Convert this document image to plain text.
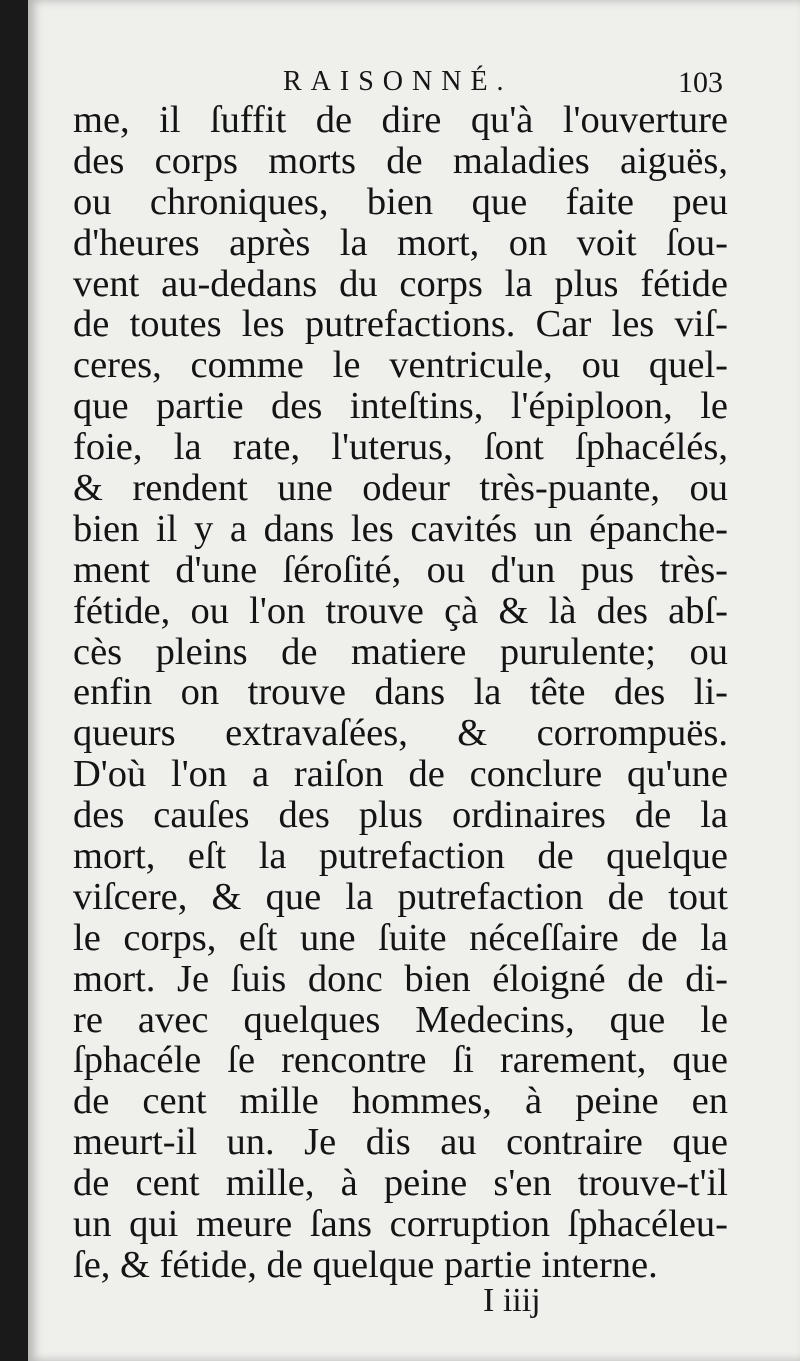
RAISONNÉ.	103
me, il ſuffit de dire qu'à l'ouverture
des corps morts de maladies aiguës,
ou chroniques, bien que faite peu
d'heures après la mort, on voit ſou-
vent au-dedans du corps la plus fétide
de toutes les putrefactions. Car les viſ-
ceres, comme le ventricule, ou quel-
que partie des inteſtins, l'épiploon, le
foie, la rate, l'uterus, ſont ſphacélés,
& rendent une odeur très-puante, ou
bien il y a dans les cavités un épanche-
ment d'une ſéroſité, ou d'un pus très-
fétide, ou l'on trouve çà & là des abſ-
cès pleins de matiere purulente; ou
enfin on trouve dans la tête des li-
queurs extravaſées, & corrompuës.
D'où l'on a raiſon de conclure qu'une
des cauſes des plus ordinaires de la
mort, eſt la putrefaction de quelque
viſcere, & que la putrefaction de tout
le corps, eſt une ſuite néceſſaire de la
mort. Je ſuis donc bien éloigné de di-
re avec quelques Medecins, que le
ſphacéle ſe rencontre ſi rarement, que
de cent mille hommes, à peine en
meurt-il un. Je dis au contraire que
de cent mille, à peine s'en trouve-t'il
un qui meure ſans corruption ſphacéleu-
ſe, & fétide, de quelque partie interne.
I iiij
